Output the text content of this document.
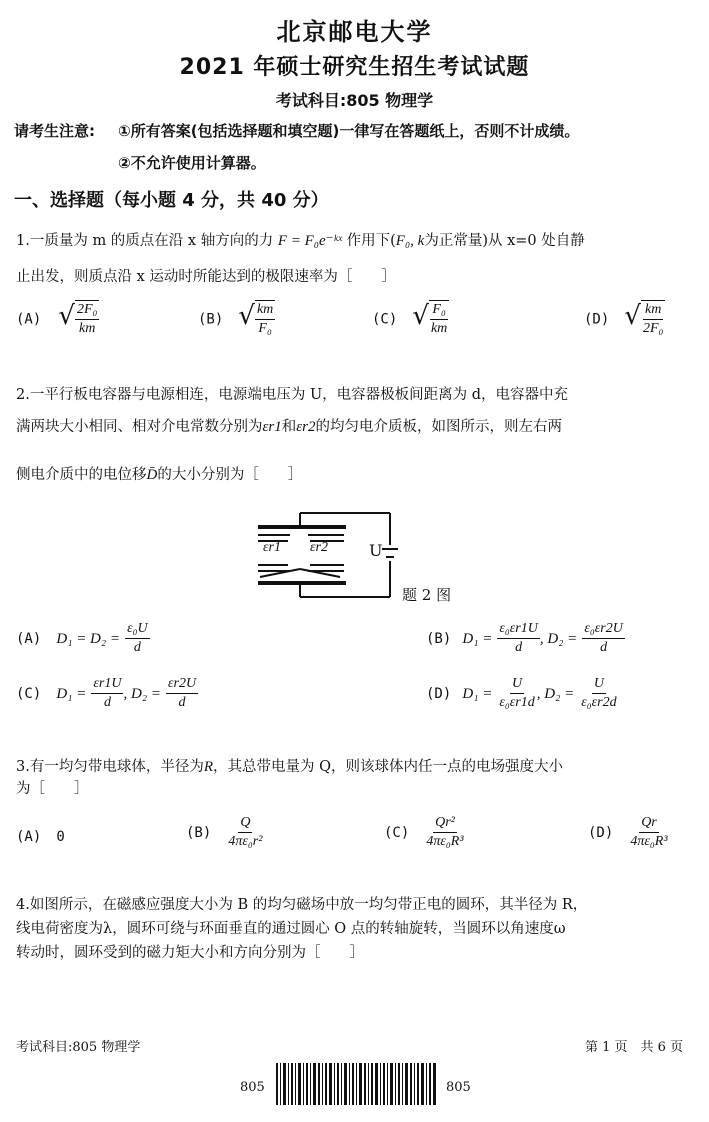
北京邮电大学
2021 年硕士研究生招生考试试题
考试科目:805 物理学
请考生注意: ①所有答案(包括选择题和填空题)一律写在答题纸上，否则不计成绩。
②不允许使用计算器。
一、选择题（每小题 4 分，共 40 分）
1.一质量为 m 的质点在沿 x 轴方向的力 F = F₀e⁻ᵏˣ 作用下(F₀, k为正常量)从 x=0 处自静
止出发，则质点沿 x 运动时所能达到的极限速率为［　　］
(A) √ $\frac{\text{2F₀}}{km}$	(B) √ $\frac{km}{\text{F₀}}$	(C) √ $\frac{\text{F₀}}{km}$	(D) √ $\frac{km}{\text{2F₀}}$
2.一平行板电容器与电源相连，电源端电压为 U，电容器极板间距离为 d，电容器中充
满两块大小相同、相对介电常数分别为εr1和εr2的均匀电介质板，如图所示，则左右两
侧电介质中的电位移D̄的大小分别为［　　］
εr1 εr2	U
题 2 图
(A) $D_1 = D_2 = \frac{\text{ε₀U}}{d}$	(B) $D_1 = \frac{\text{ε₀εr1U}}{d}$ , $D_2 = \frac{\text{ε₀εr2U}}{d}$
(C) $D_1 = \frac{\varepsilon r1U}{d}$ , $D_2 = \frac{\varepsilon r2U}{d}$	(D) $D_1 = \frac{U}{\text{ε₀εr1d}}$ , $D_2 = \frac{U}{\text{ε₀εr2d}}$
3.有一均匀带电球体，半径为R，其总带电量为 Q，则该球体内任一点的电场强度大小
为［　　］
(A) 0	$(B) \frac{Q}{\text{4πε₀r²}}$	$(C) \frac{\text{Qr²}}{\text{4πε₀R³}}$	$(D) \frac{Qr}{\text{4πε₀R³}}$
4.如图所示，在磁感应强度大小为 B 的均匀磁场中放一均匀带正电的圆环，其半径为 R，
线电荷密度为λ，圆环可绕与环面垂直的通过圆心 O 点的转轴旋转，当圆环以角速度ω
转动时，圆环受到的磁力矩大小和方向分别为［　　］
考试科目:805 物理学	第 1 页　共 6 页
805	805
